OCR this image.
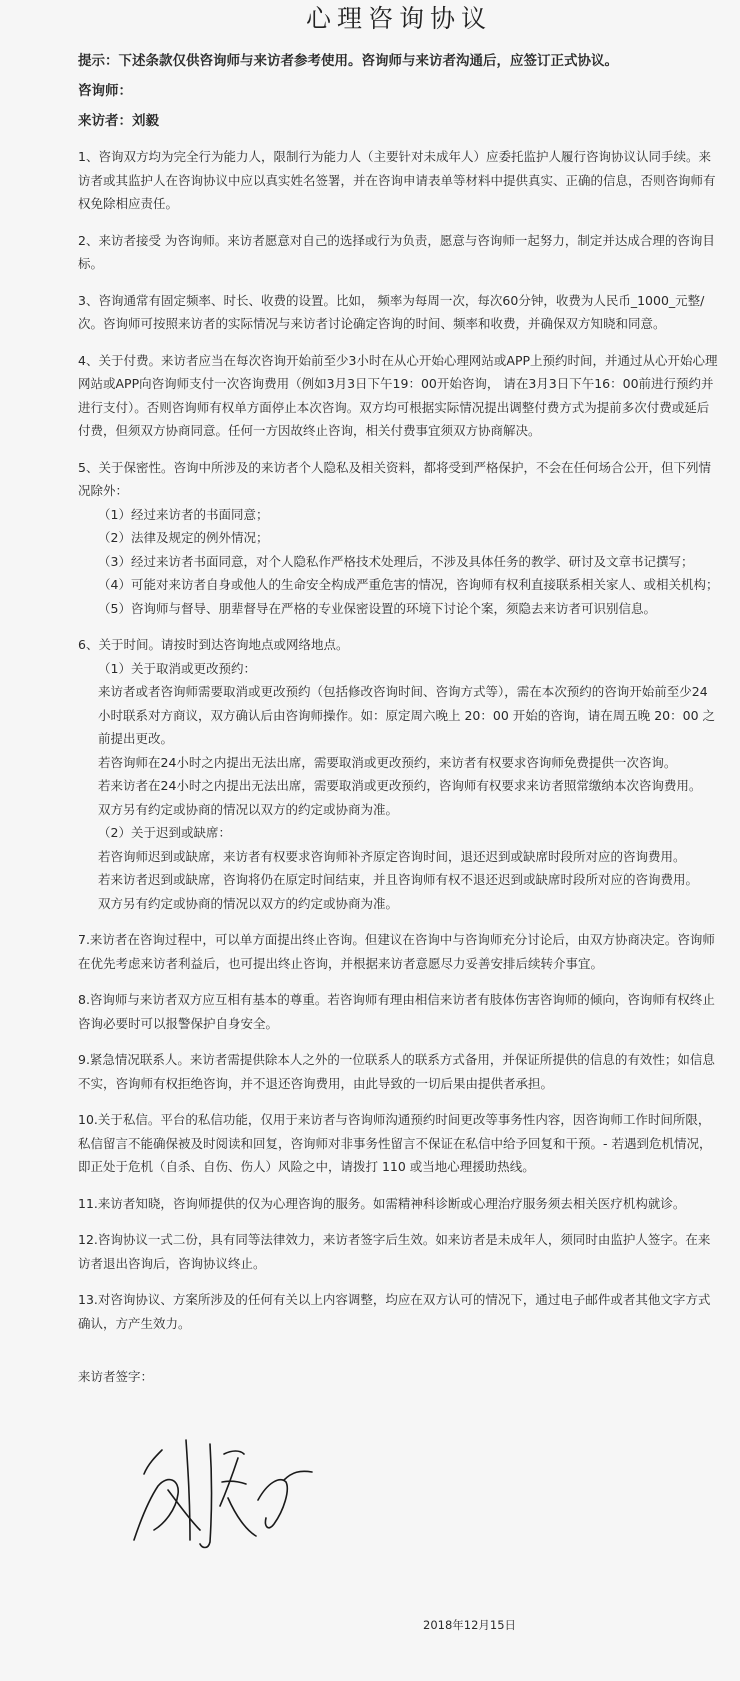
心理咨询协议
提示：下述条款仅供咨询师与来访者参考使用。咨询师与来访者沟通后，应签订正式协议。
咨询师：
来访者：刘毅
1、咨询双方均为完全行为能力人，限制行为能力人（主要针对未成年人）应委托监护人履行咨询协议认同手续。来访者或其监护人在咨询协议中应以真实姓名签署，并在咨询申请表单等材料中提供真实、正确的信息，否则咨询师有权免除相应责任。
2、来访者接受 为咨询师。来访者愿意对自己的选择或行为负责，愿意与咨询师一起努力，制定并达成合理的咨询目标。
3、咨询通常有固定频率、时长、收费的设置。比如， 频率为每周一次，每次60分钟，收费为人民币_1000_元整/次。咨询师可按照来访者的实际情况与来访者讨论确定咨询的时间、频率和收费，并确保双方知晓和同意。
4、关于付费。来访者应当在每次咨询开始前至少3小时在从心开始心理网站或APP上预约时间，并通过从心开始心理网站或APP向咨询师支付一次咨询费用（例如3月3日下午19：00开始咨询， 请在3月3日下午16：00前进行预约并进行支付）。否则咨询师有权单方面停止本次咨询。双方均可根据实际情况提出调整付费方式为提前多次付费或延后付费，但须双方协商同意。任何一方因故终止咨询，相关付费事宜须双方协商解决。
5、关于保密性。咨询中所涉及的来访者个人隐私及相关资料，都将受到严格保护，不会在任何场合公开，但下列情况除外：
（1）经过来访者的书面同意；
（2）法律及规定的例外情况；
（3）经过来访者书面同意，对个人隐私作严格技术处理后，不涉及具体任务的教学、研讨及文章书记撰写；
（4）可能对来访者自身或他人的生命安全构成严重危害的情况，咨询师有权利直接联系相关家人、或相关机构；
（5）咨询师与督导、朋辈督导在严格的专业保密设置的环境下讨论个案，须隐去来访者可识别信息。
6、关于时间。请按时到达咨询地点或网络地点。
（1）关于取消或更改预约：
来访者或者咨询师需要取消或更改预约（包括修改咨询时间、咨询方式等），需在本次预约的咨询开始前至少24小时联系对方商议，双方确认后由咨询师操作。如：原定周六晚上 20：00 开始的咨询，请在周五晚 20：00 之前提出更改。
若咨询师在24小时之内提出无法出席，需要取消或更改预约，来访者有权要求咨询师免费提供一次咨询。
若来访者在24小时之内提出无法出席，需要取消或更改预约，咨询师有权要求来访者照常缴纳本次咨询费用。
双方另有约定或协商的情况以双方的约定或协商为准。
（2）关于迟到或缺席：
若咨询师迟到或缺席，来访者有权要求咨询师补齐原定咨询时间，退还迟到或缺席时段所对应的咨询费用。
若来访者迟到或缺席，咨询将仍在原定时间结束，并且咨询师有权不退还迟到或缺席时段所对应的咨询费用。
双方另有约定或协商的情况以双方的约定或协商为准。
7.来访者在咨询过程中，可以单方面提出终止咨询。但建议在咨询中与咨询师充分讨论后，由双方协商决定。咨询师在优先考虑来访者利益后，也可提出终止咨询，并根据来访者意愿尽力妥善安排后续转介事宜。
8.咨询师与来访者双方应互相有基本的尊重。若咨询师有理由相信来访者有肢体伤害咨询师的倾向，咨询师有权终止咨询必要时可以报警保护自身安全。
9.紧急情况联系人。来访者需提供除本人之外的一位联系人的联系方式备用，并保证所提供的信息的有效性；如信息不实，咨询师有权拒绝咨询，并不退还咨询费用，由此导致的一切后果由提供者承担。
10.关于私信。平台的私信功能，仅用于来访者与咨询师沟通预约时间更改等事务性内容，因咨询师工作时间所限，私信留言不能确保被及时阅读和回复，咨询师对非事务性留言不保证在私信中给予回复和干预。- 若遇到危机情况，即正处于危机（自杀、自伤、伤人）风险之中，请拨打 110 或当地心理援助热线。
11.来访者知晓，咨询师提供的仅为心理咨询的服务。如需精神科诊断或心理治疗服务须去相关医疗机构就诊。
12.咨询协议一式二份，具有同等法律效力，来访者签字后生效。如来访者是未成年人，须同时由监护人签字。在来访者退出咨询后，咨询协议终止。
13.对咨询协议、方案所涉及的任何有关以上内容调整，均应在双方认可的情况下，通过电子邮件或者其他文字方式确认，方产生效力。
来访者签字：
2018年12月15日
